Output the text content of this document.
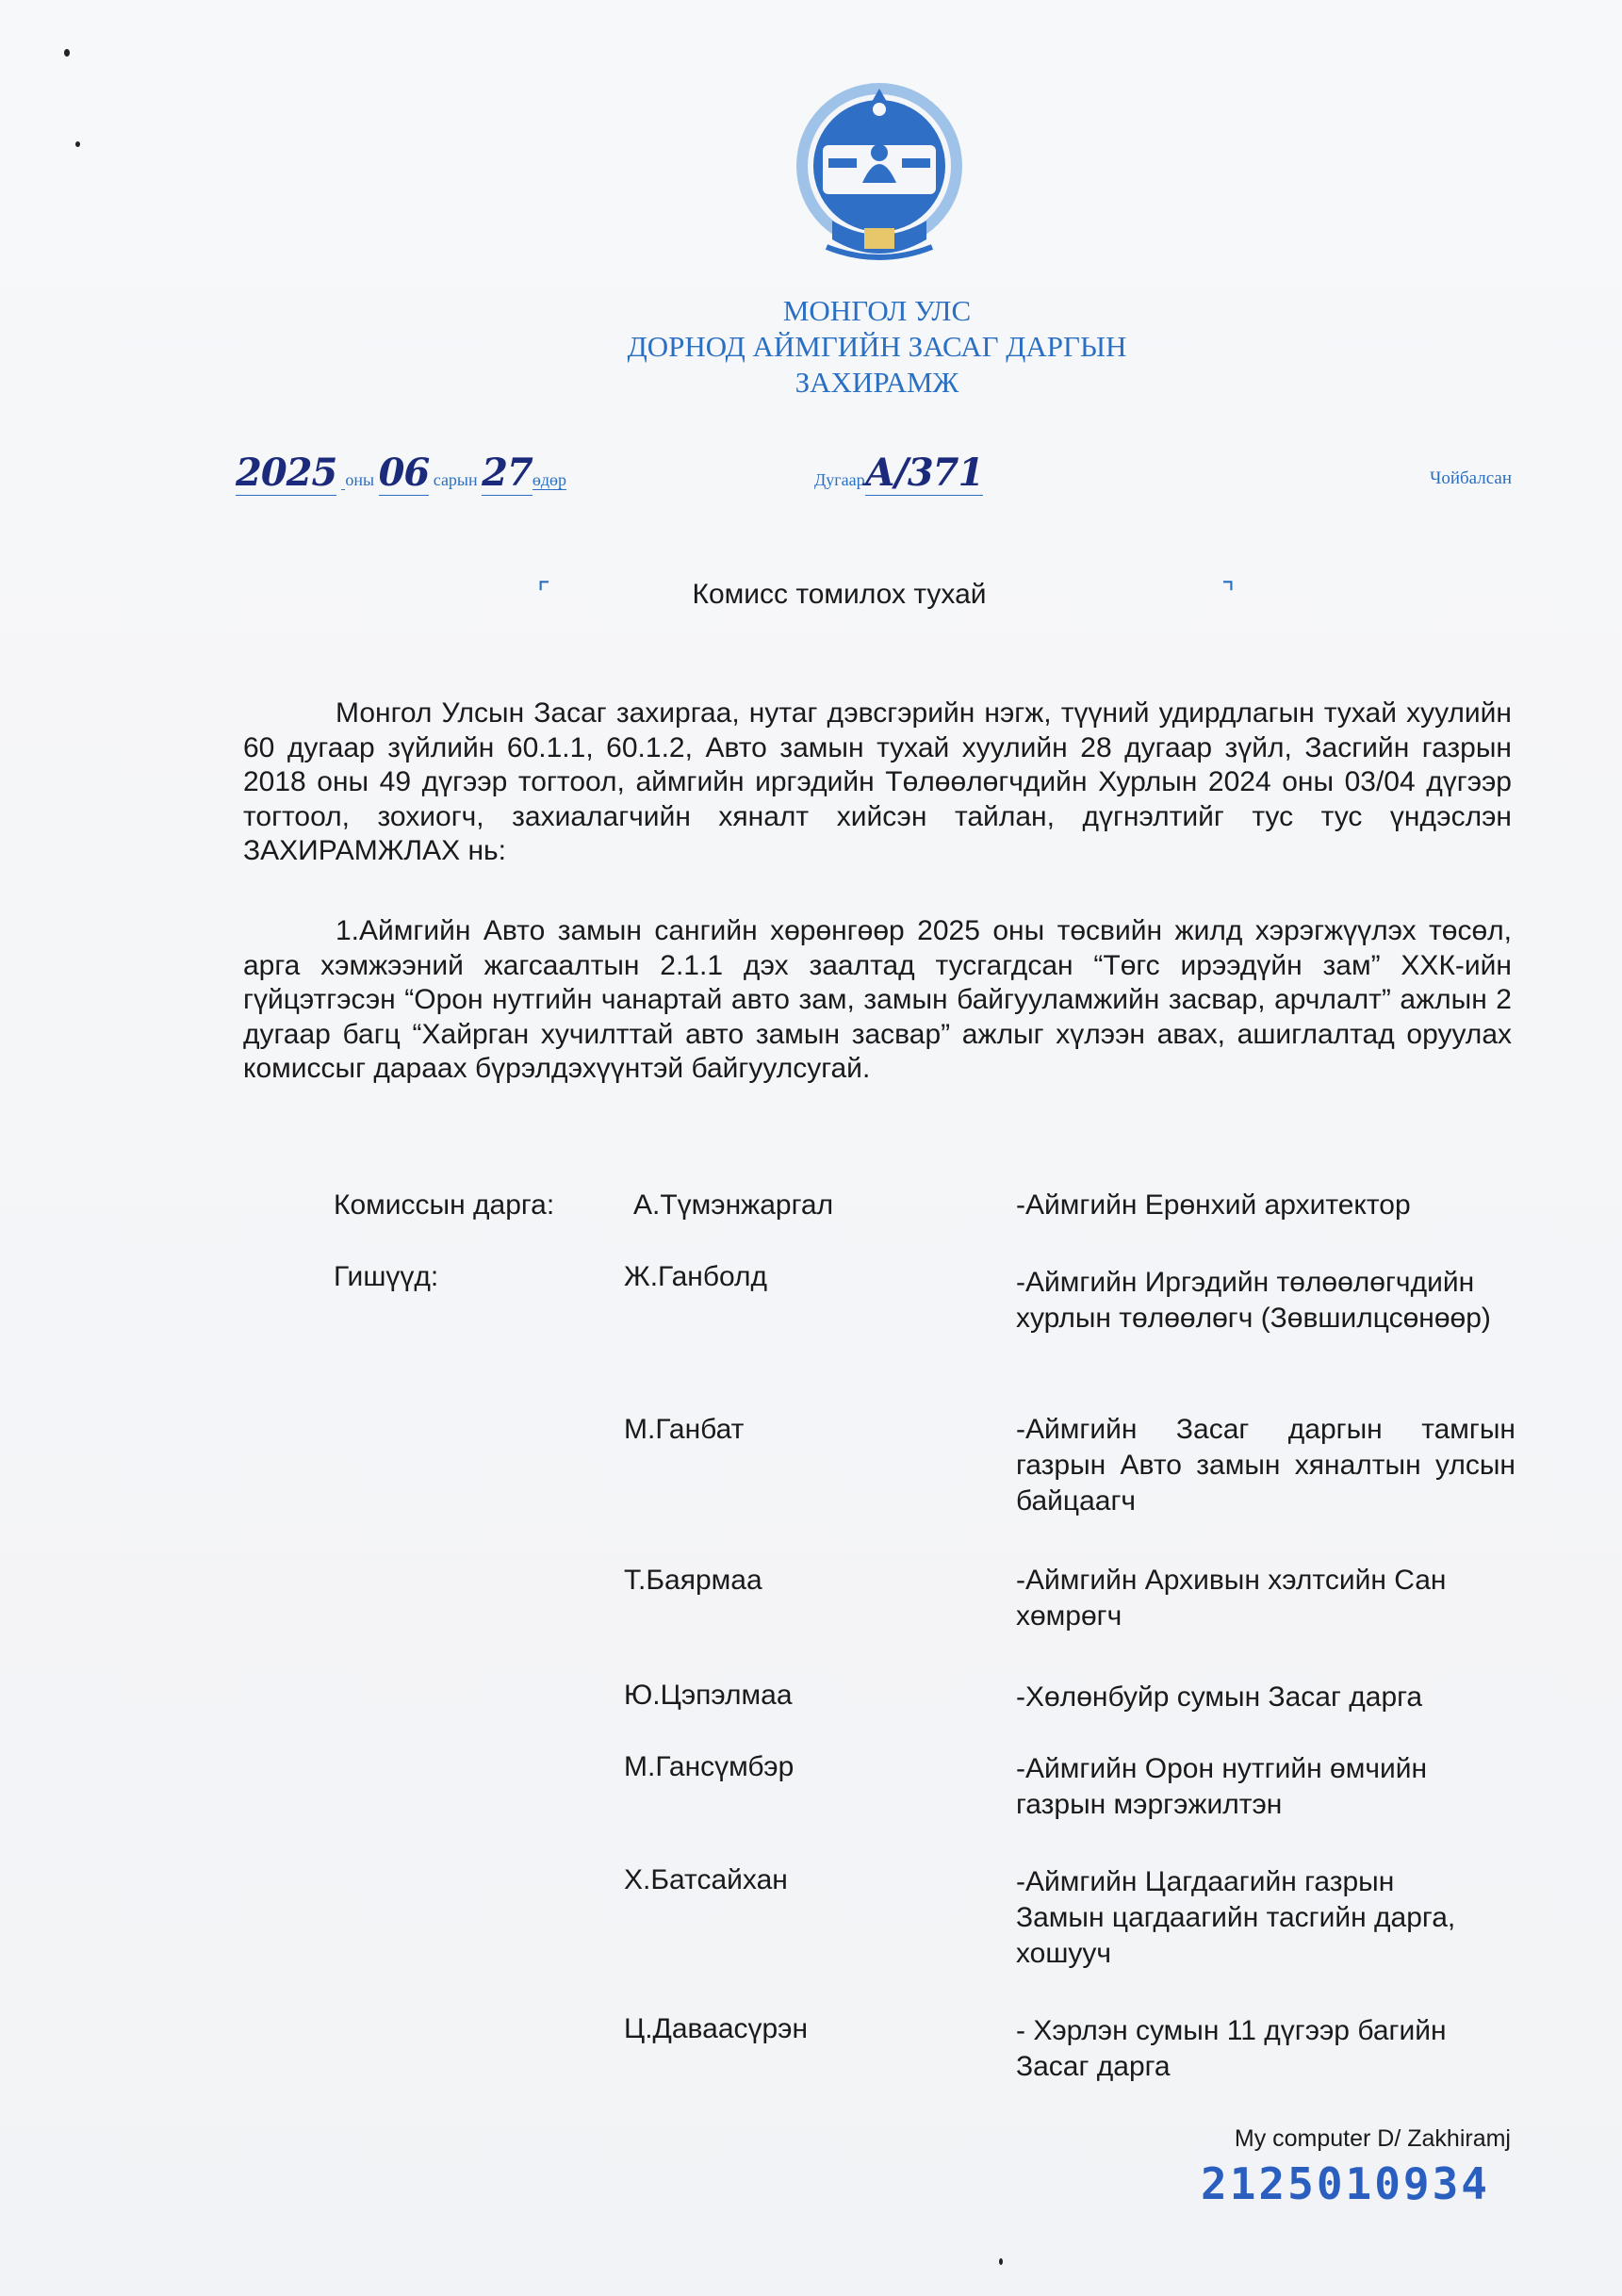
МОНГОЛ УЛС
ДОРНОД АЙМГИЙН ЗАСАГ ДАРГЫН
ЗАХИРАМЖ
2025 оны 06 сарын 27өдөр	ДугаарА/371	Чойбалсан
⌜	⌝
Комисс томилох тухай
Монгол Улсын Засаг захиргаа, нутаг дэвсгэрийн нэгж, түүний удирдлагын тухай хуулийн 60 дугаар зүйлийн 60.1.1, 60.1.2, Авто замын тухай хуулийн 28 дугаар зүйл, Засгийн газрын 2018 оны 49 дүгээр тогтоол, аймгийн иргэдийн Төлөөлөгчдийн Хурлын 2024 оны 03/04 дүгээр тогтоол, зохиогч, захиалагчийн хяналт хийсэн тайлан, дүгнэлтийг тус тус үндэслэн ЗАХИРАМЖЛАХ нь:
1.Аймгийн Авто замын сангийн хөрөнгөөр 2025 оны төсвийн жилд хэрэгжүүлэх төсөл, арга хэмжээний жагсаалтын 2.1.1 дэх заалтад тусгагдсан “Төгс ирээдүйн зам” ХХК-ийн гүйцэтгэсэн “Орон нутгийн чанартай авто зам, замын байгууламжийн засвар, арчлалт” ажлын 2 дугаар багц “Хайрган хучилттай авто замын засвар” ажлыг хүлээн авах, ашиглалтад оруулах комиссыг дараах бүрэлдэхүүнтэй байгуулсугай.
Комиссын дарга:	А.Түмэнжаргал	-Аймгийн Ерөнхий архитектор
Гишүүд:	Ж.Ганболд	-Аймгийн Иргэдийн төлөөлөгчдийн хурлын төлөөлөгч (Зөвшилцсөнөөр)
М.Ганбат	-Аймгийн Засаг даргын тамгын газрын Авто замын хяналтын улсын байцаагч
Т.Баярмаа	-Аймгийн Архивын хэлтсийн Сан хөмрөгч
Ю.Цэпэлмаа	-Хөлөнбуйр сумын Засаг дарга
М.Гансүмбэр	-Аймгийн Орон нутгийн өмчийн газрын мэргэжилтэн
Х.Батсайхан	-Аймгийн Цагдаагийн газрын Замын цагдаагийн тасгийн дарга, хошууч
Ц.Даваасүрэн	- Хэрлэн сумын 11 дүгээр багийн Засаг дарга
My computer D/ Zakhiramj
2125010934
